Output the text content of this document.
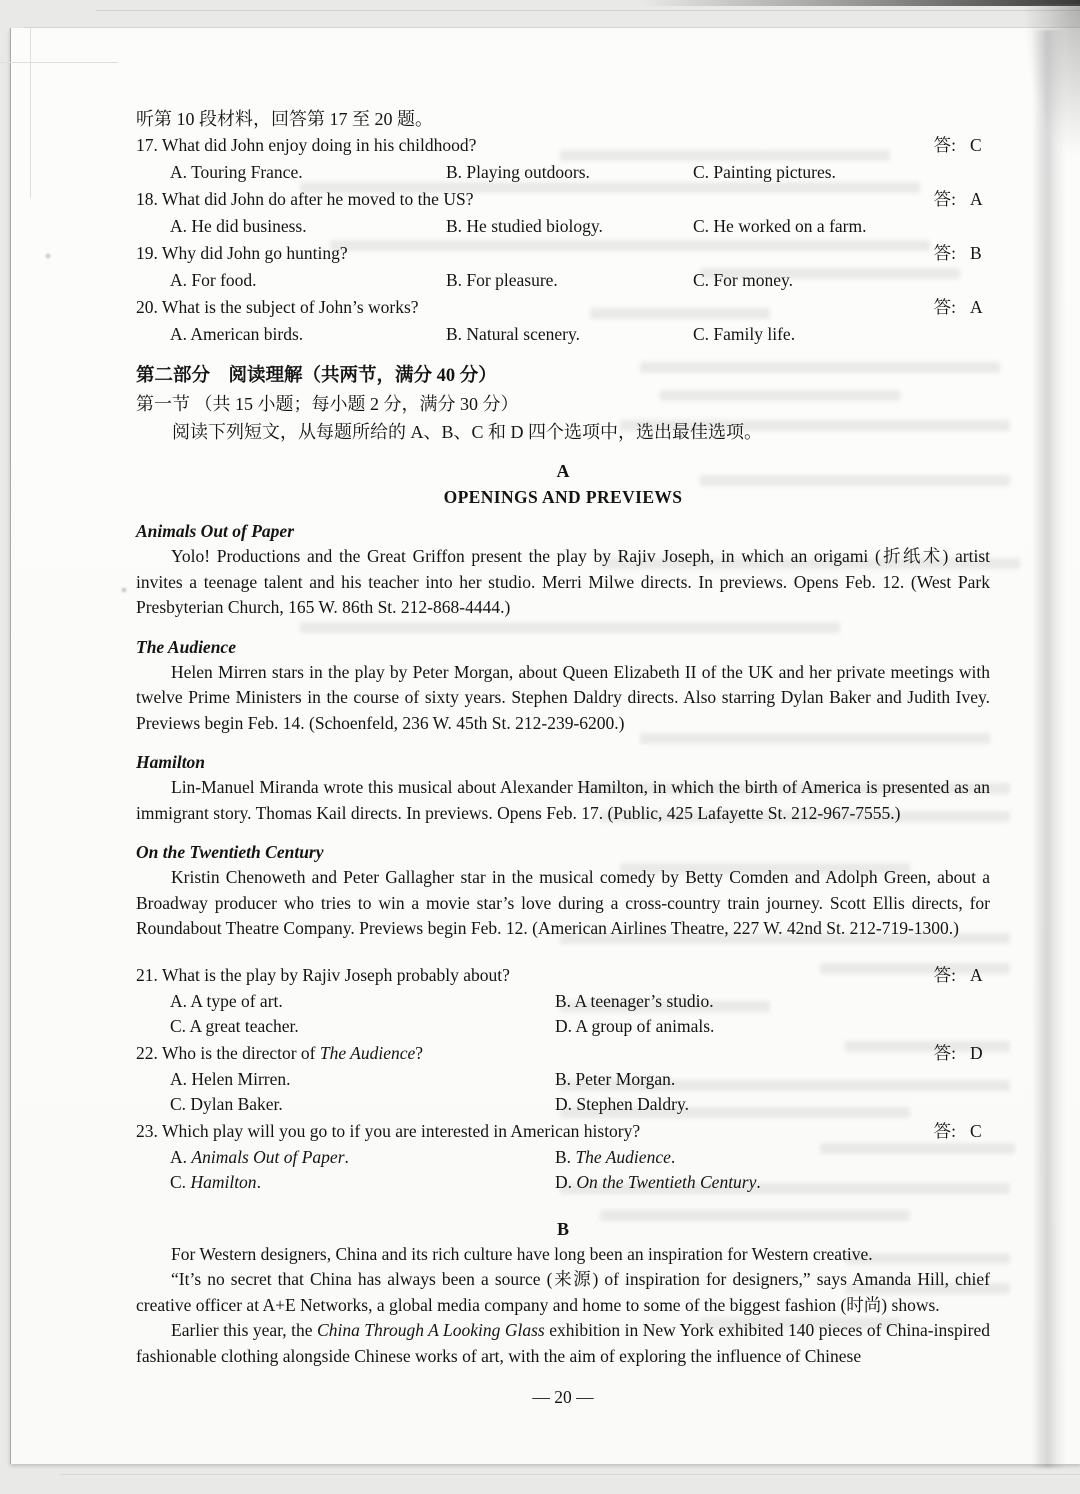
听第 10 段材料，回答第 17 至 20 题。
17. What did John enjoy doing in his childhood?	答: C
A. Touring France.	B. Playing outdoors.	C. Painting pictures.
18. What did John do after he moved to the US?	答: A
A. He did business.	B. He studied biology.	C. He worked on a farm.
19. Why did John go hunting?	答: B
A. For food.	B. For pleasure.	C. For money.
20. What is the subject of John’s works?	答: A
A. American birds.	B. Natural scenery.	C. Family life.
第二部分　阅读理解（共两节，满分 40 分）
第一节 （共 15 小题；每小题 2 分，满分 30 分）
阅读下列短文，从每题所给的 A、B、C 和 D 四个选项中，选出最佳选项。
A
OPENINGS AND PREVIEWS
Animals Out of Paper

Yolo! Productions and the Great Griffon present the play by Rajiv Joseph, in which an origami (折纸术) artist invites a teenage talent and his teacher into her studio. Merri Milwe directs. In previews. Opens Feb. 12. (West Park Presbyterian Church, 165 W. 86th St. 212-868-4444.)

The Audience

Helen Mirren stars in the play by Peter Morgan, about Queen Elizabeth II of the UK and her private meetings with twelve Prime Ministers in the course of sixty years. Stephen Daldry directs. Also starring Dylan Baker and Judith Ivey. Previews begin Feb. 14. (Schoenfeld, 236 W. 45th St. 212-239-6200.)

Hamilton

Lin-Manuel Miranda wrote this musical about Alexander Hamilton, in which the birth of America is presented as an immigrant story. Thomas Kail directs. In previews. Opens Feb. 17. (Public, 425 Lafayette St. 212-967-7555.)

On the Twentieth Century

Kristin Chenoweth and Peter Gallagher star in the musical comedy by Betty Comden and Adolph Green, about a Broadway producer who tries to win a movie star’s love during a cross-country train journey. Scott Ellis directs, for Roundabout Theatre Company. Previews begin Feb. 12. (American Airlines Theatre, 227 W. 42nd St. 212-719-1300.)

21. What is the play by Rajiv Joseph probably about?	答: A
A. A type of art.	B. A teenager’s studio.
C. A great teacher.	D. A group of animals.
22. Who is the director of The Audience?	答: D
A. Helen Mirren.	B. Peter Morgan.
C. Dylan Baker.	D. Stephen Daldry.
23. Which play will you go to if you are interested in American history?	答: C
A. Animals Out of Paper.	B. The Audience.
C. Hamilton.	D. On the Twentieth Century.
B

For Western designers, China and its rich culture have long been an inspiration for Western creative.

“It’s no secret that China has always been a source (来源) of inspiration for designers,” says Amanda Hill, chief creative officer at A+E Networks, a global media company and home to some of the biggest fashion (时尚) shows.

Earlier this year, the China Through A Looking Glass exhibition in New York exhibited 140 pieces of China-inspired fashionable clothing alongside Chinese works of art, with the aim of exploring the influence of Chinese

— 20 —
